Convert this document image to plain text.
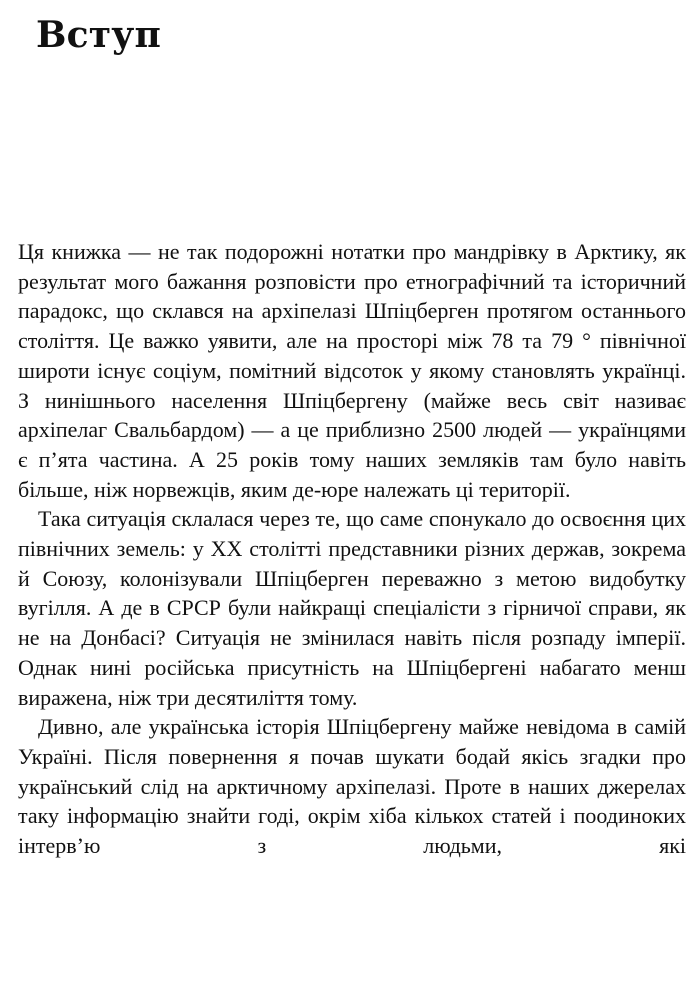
Вступ

Ця книжка — не так подорожні нотатки про мандрівку в Арктику, як результат мого бажання розповісти про етнографічний та історичний парадокс, що склався на архіпелазі Шпіцберген протягом останнього століття. Це важко уявити, але на просторі між 78 та 79 ° північної широти існує соціум, помітний відсоток у якому становлять українці. З нинішнього населення Шпіцбергену (майже весь світ називає архіпелаг Свальбардом) — а це приблизно 2500 людей — українцями є п’ята частина. А 25 років тому наших земляків там було навіть більше, ніж норвежців, яким де-юре належать ці території.

Така ситуація склалася через те, що саме спонукало до освоєння цих північних земель: у XX столітті представники різних держав, зокрема й Союзу, колонізували Шпіцберген переважно з метою видобутку вугілля. А де в СРСР були найкращі спеціалісти з гірничої справи, як не на Донбасі? Ситуація не змінилася навіть після розпаду імперії. Однак нині російська присутність на Шпіцбергені набагато менш виражена, ніж три десятиліття тому.

Дивно, але українська історія Шпіцбергену майже невідома в самій Україні. Після повернення я почав шукати бодай якісь згадки про український слід на арктичному архіпелазі. Проте в наших джерелах таку інформацію знайти годі, окрім хіба кількох статей і поодиноких інтерв’ю з людьми, які
